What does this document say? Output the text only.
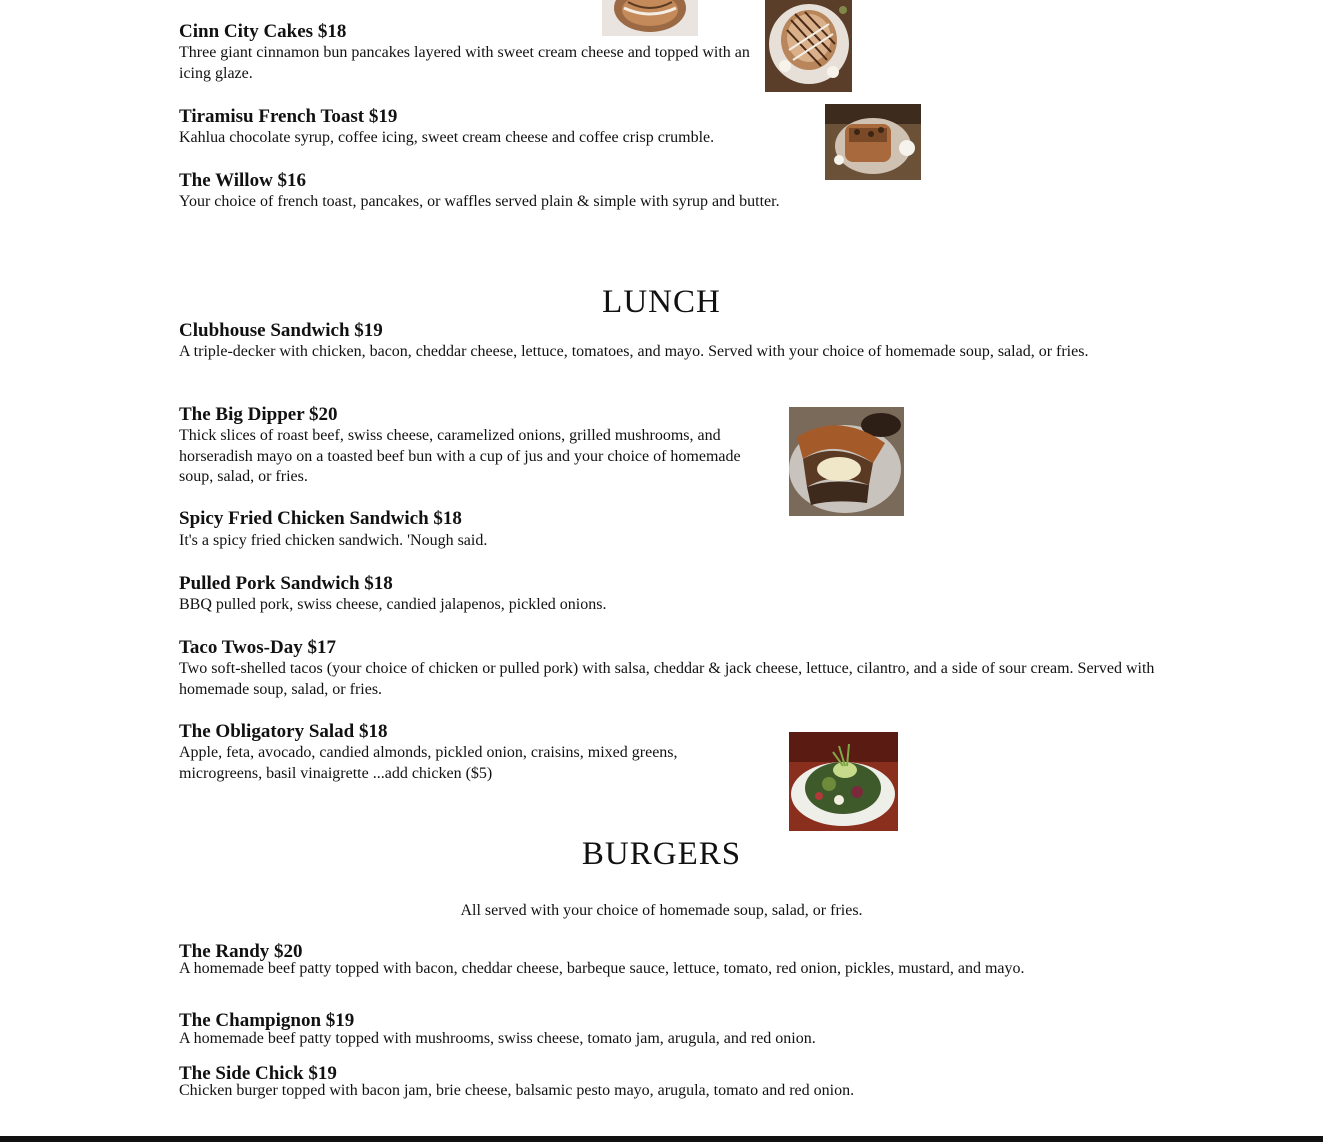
Cinn City Cakes $18
Three giant cinnamon bun pancakes layered with sweet cream cheese and topped with an icing glaze.
Tiramisu French Toast $19
Kahlua chocolate syrup, coffee icing, sweet cream cheese and coffee crisp crumble.
The Willow $16
Your choice of french toast, pancakes, or waffles served plain & simple with syrup and butter.
LUNCH
Clubhouse Sandwich $19
A triple-decker with chicken, bacon, cheddar cheese, lettuce, tomatoes, and mayo. Served with your choice of homemade soup, salad, or fries.
The Big Dipper $20
Thick slices of roast beef, swiss cheese, caramelized onions, grilled mushrooms, and horseradish mayo on a toasted beef bun with a cup of jus and your choice of homemade soup, salad, or fries.
Spicy Fried Chicken Sandwich $18
It's a spicy fried chicken sandwich. 'Nough said.
Pulled Pork Sandwich $18
BBQ pulled pork, swiss cheese, candied jalapenos, pickled onions.
Taco Twos-Day $17
Two soft-shelled tacos (your choice of chicken or pulled pork) with salsa, cheddar & jack cheese, lettuce, cilantro, and a side of sour cream. Served with homemade soup, salad, or fries.
The Obligatory Salad $18
Apple, feta, avocado, candied almonds, pickled onion, craisins, mixed greens, microgreens, basil vinaigrette ...add chicken ($5)
BURGERS
All served with your choice of homemade soup, salad, or fries.
The Randy $20
A homemade beef patty topped with bacon, cheddar cheese, barbeque sauce, lettuce, tomato, red onion, pickles, mustard, and mayo.
The Champignon $19
A homemade beef patty topped with mushrooms, swiss cheese, tomato jam, arugula, and red onion.
The Side Chick $19
Chicken burger topped with bacon jam, brie cheese, balsamic pesto mayo, arugula, tomato and red onion.
